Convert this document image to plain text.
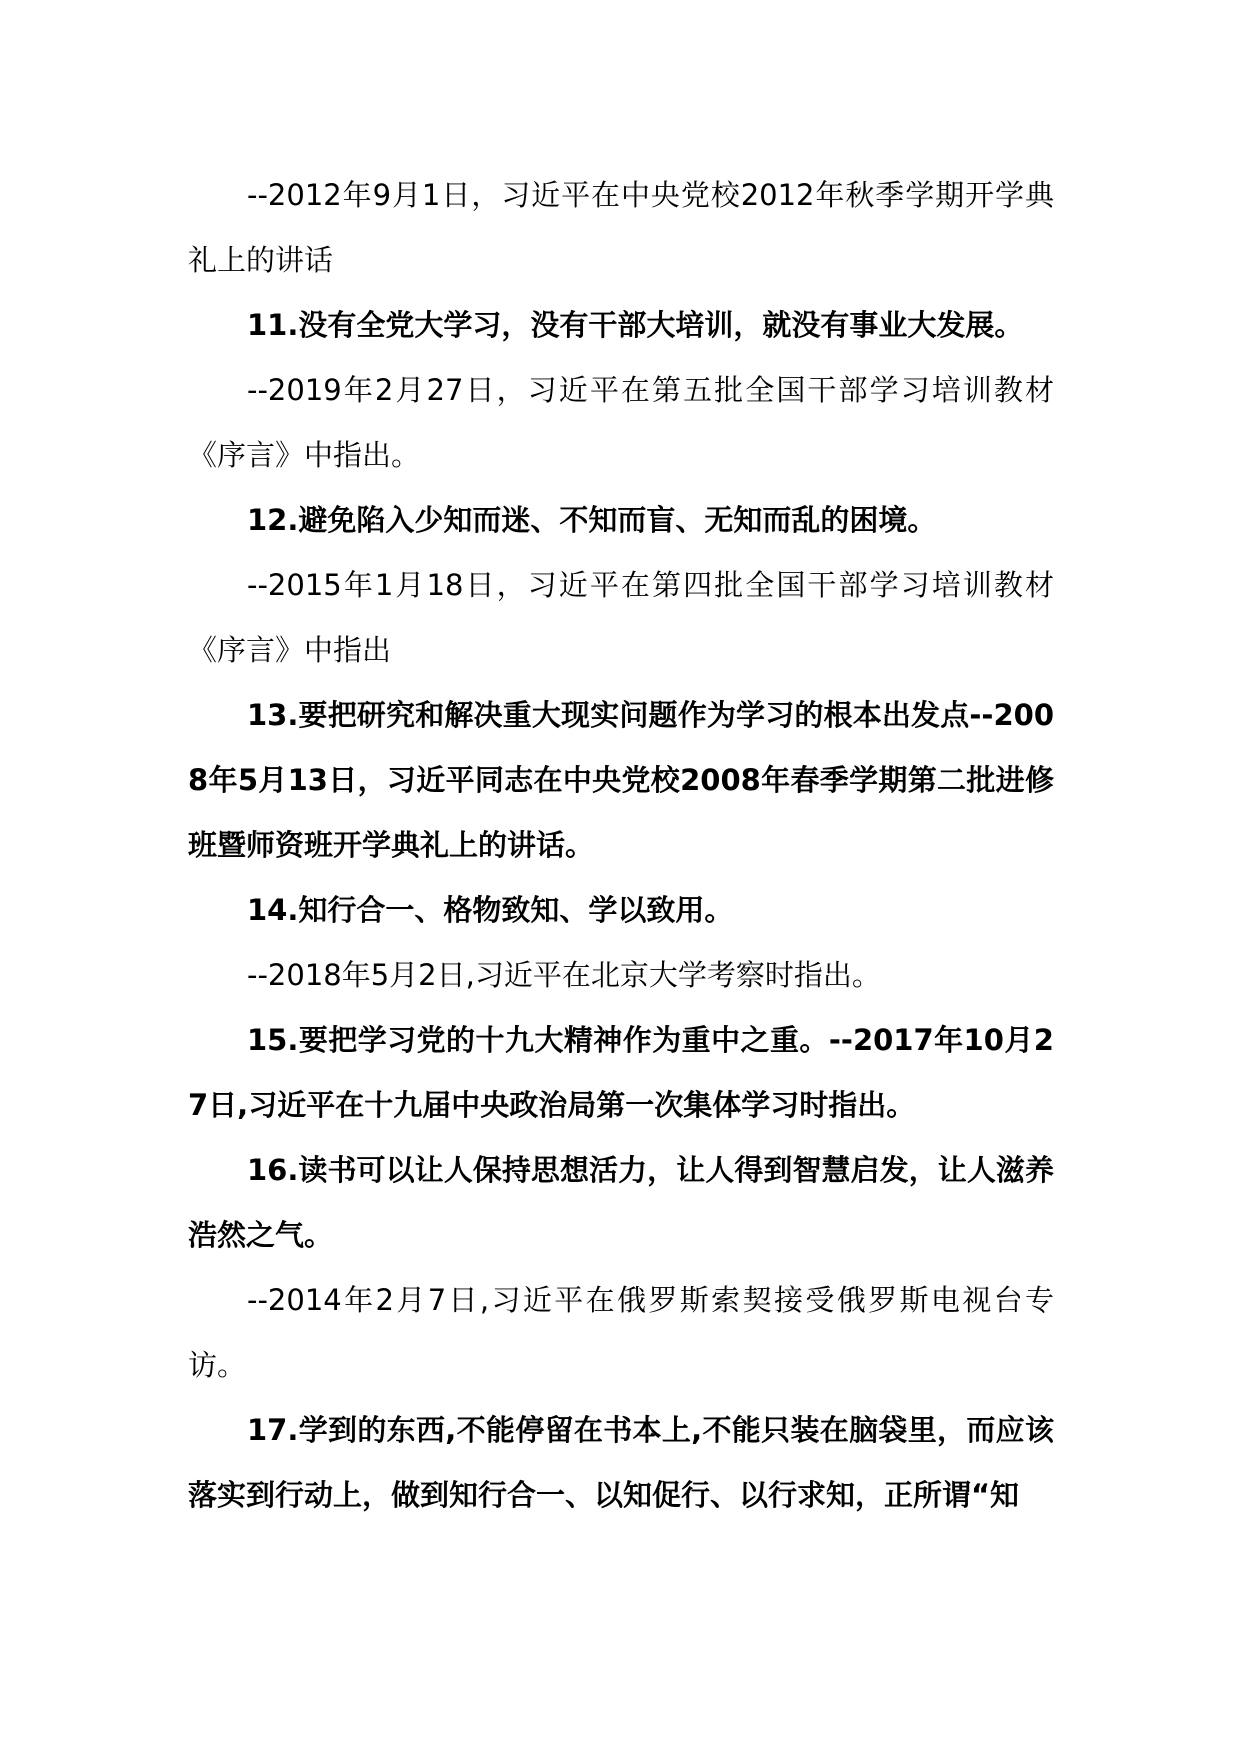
--2012年9月1日，习近平在中央党校2012年秋季学期开学典礼上的讲话

11.没有全党大学习，没有干部大培训，就没有事业大发展。

--2019年2月27日，习近平在第五批全国干部学习培训教材《序言》中指出。

12.避免陷入少知而迷、不知而盲、无知而乱的困境。

--2015年1月18日，习近平在第四批全国干部学习培训教材《序言》中指出

13.要把研究和解决重大现实问题作为学习的根本出发点--2008年5月13日，习近平同志在中央党校2008年春季学期第二批进修班暨师资班开学典礼上的讲话。

14.知行合一、格物致知、学以致用。

--2018年5月2日,习近平在北京大学考察时指出。

15.要把学习党的十九大精神作为重中之重。--2017年10月27日,习近平在十九届中央政治局第一次集体学习时指出。

16.读书可以让人保持思想活力，让人得到智慧启发，让人滋养浩然之气。

--2014年2月7日,习近平在俄罗斯索契接受俄罗斯电视台专访。

17.学到的东西,不能停留在书本上,不能只装在脑袋里，而应该落实到行动上，做到知行合一、以知促行、以行求知，正所谓“知
